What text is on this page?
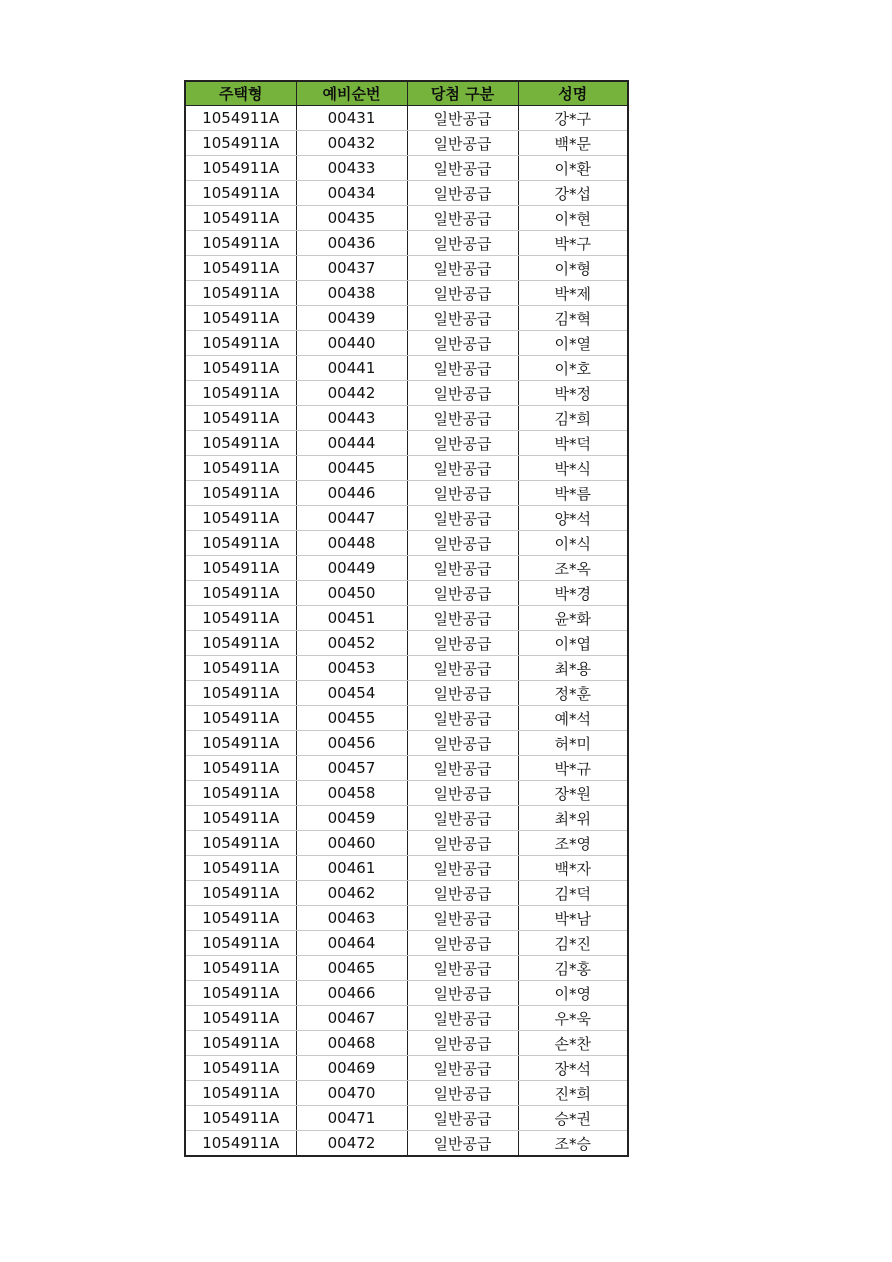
주택형	예비순번	당첨 구분	성명
1054911A	00431	일반공급	강*구
1054911A	00432	일반공급	백*문
1054911A	00433	일반공급	이*환
1054911A	00434	일반공급	강*섭
1054911A	00435	일반공급	이*현
1054911A	00436	일반공급	박*구
1054911A	00437	일반공급	이*형
1054911A	00438	일반공급	박*제
1054911A	00439	일반공급	김*혁
1054911A	00440	일반공급	이*열
1054911A	00441	일반공급	이*호
1054911A	00442	일반공급	박*정
1054911A	00443	일반공급	김*희
1054911A	00444	일반공급	박*덕
1054911A	00445	일반공급	박*식
1054911A	00446	일반공급	박*름
1054911A	00447	일반공급	양*석
1054911A	00448	일반공급	이*식
1054911A	00449	일반공급	조*옥
1054911A	00450	일반공급	박*경
1054911A	00451	일반공급	윤*화
1054911A	00452	일반공급	이*엽
1054911A	00453	일반공급	최*용
1054911A	00454	일반공급	정*훈
1054911A	00455	일반공급	예*석
1054911A	00456	일반공급	허*미
1054911A	00457	일반공급	박*규
1054911A	00458	일반공급	장*원
1054911A	00459	일반공급	최*위
1054911A	00460	일반공급	조*영
1054911A	00461	일반공급	백*자
1054911A	00462	일반공급	김*덕
1054911A	00463	일반공급	박*남
1054911A	00464	일반공급	김*진
1054911A	00465	일반공급	김*홍
1054911A	00466	일반공급	이*영
1054911A	00467	일반공급	우*욱
1054911A	00468	일반공급	손*찬
1054911A	00469	일반공급	장*석
1054911A	00470	일반공급	진*희
1054911A	00471	일반공급	승*권
1054911A	00472	일반공급	조*승
